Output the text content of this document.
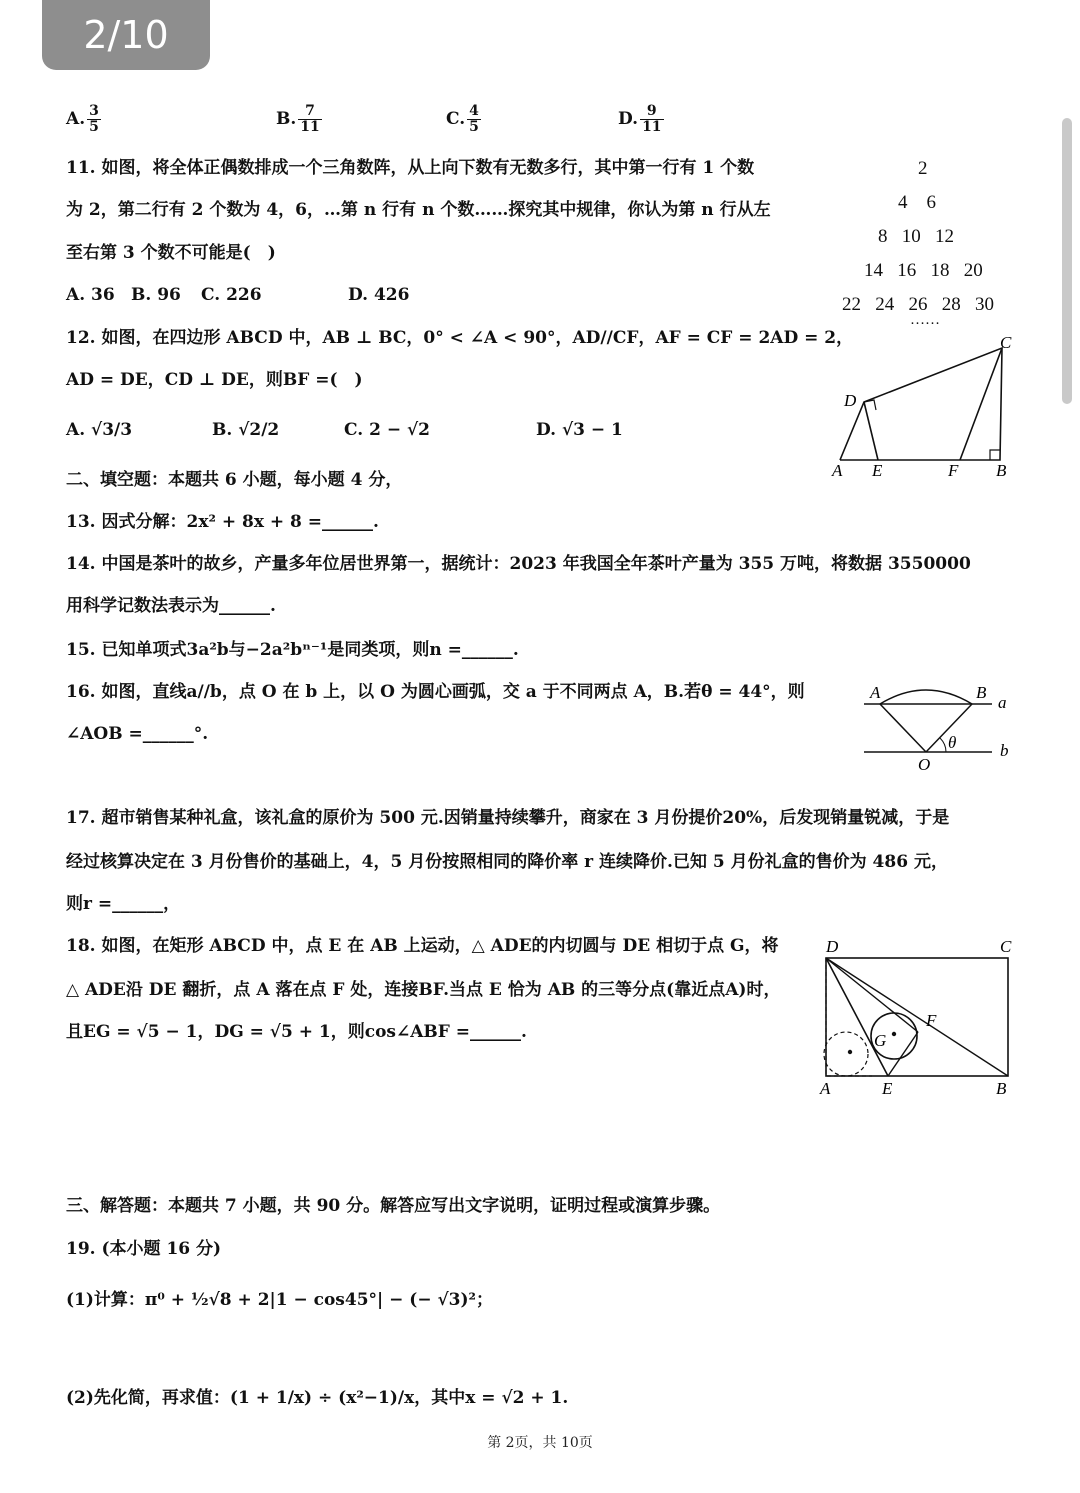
2/10
A. $\frac{3}{5}$	B. $\frac{7}{11}$	C. $\frac{4}{5}$	D. $\frac{9}{11}$
11. 如图，将全体正偶数排成一个三角数阵，从上向下数有无数多行，其中第一行有 1 个数
为 2，第二行有 2 个数为 4，6，…第 n 行有 n 个数……探究其中规律，你认为第 n 行从左
至右第 3 个数不可能是(　)
A. 36 B. 96 C. 226	D. 426
2
4 6
8 10 12
14 16 18 20
22 24 26 28 30
……
12. 如图，在四边形 ABCD 中，AB ⊥ BC，0° < ∠A < 90°，AD//CF，AF = CF = 2AD = 2，
AD = DE，CD ⊥ DE，则BF =(　)
A. √3/3	B. √2/2	C. 2 − √2	D. √3 − 1
A	B
C
D
E	F
二、填空题：本题共 6 小题，每小题 4 分，
13. 因式分解：2x² + 8x + 8 =______.
14. 中国是茶叶的故乡，产量多年位居世界第一，据统计：2023 年我国全年茶叶产量为 355 万吨，将数据 3550000
用科学记数法表示为______.
15. 已知单项式3a²b与−2a²bⁿ⁻¹是同类项，则n =______.
16. 如图，直线a//b，点 O 在 b 上，以 O 为圆心画弧，交 a 于不同两点 A，B.若θ = 44°，则
∠AOB =______°.
A	B
O
a
b
θ
17. 超市销售某种礼盒，该礼盒的原价为 500 元.因销量持续攀升，商家在 3 月份提价20%，后发现销量锐减，于是
经过核算决定在 3 月份售价的基础上，4，5 月份按照相同的降价率 r 连续降价.已知 5 月份礼盒的售价为 486 元，
则r =______，
18. 如图，在矩形 ABCD 中，点 E 在 AB 上运动，△ ADE的内切圆与 DE 相切于点 G，将
△ ADE沿 DE 翻折，点 A 落在点 F 处，连接BF.当点 E 恰为 AB 的三等分点(靠近点A)时，
且EG = √5 − 1，DG = √5 + 1，则cos∠ABF =______.
D	C
A	E	B
F
G
三、解答题：本题共 7 小题，共 90 分。解答应写出文字说明，证明过程或演算步骤。
19. (本小题 16 分)
(1)计算：π⁰ + ½√8 + 2|1 − cos45°| − (− √3)²；
(2)先化简，再求值：(1 + 1/x) ÷ (x²−1)/x，其中x = √2 + 1.
第 2页，共 10页
